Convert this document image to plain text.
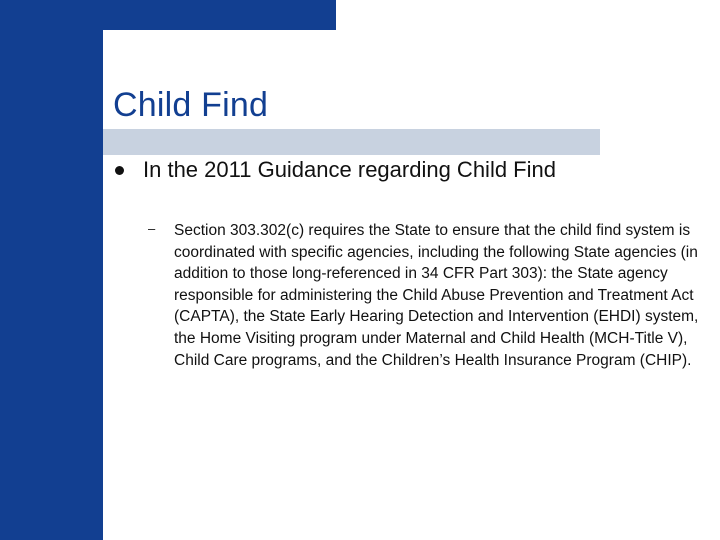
Child Find
In the 2011 Guidance regarding Child Find
– Section 303.302(c) requires the State to ensure that the child find system is coordinated with specific agencies, including the following State agencies (in addition to those long-referenced in 34 CFR Part 303): the State agency responsible for administering the Child Abuse Prevention and Treatment Act (CAPTA), the State Early Hearing Detection and Intervention (EHDI) system, the Home Visiting program under Maternal and Child Health (MCH-Title V), Child Care programs, and the Children’s Health Insurance Program (CHIP).
